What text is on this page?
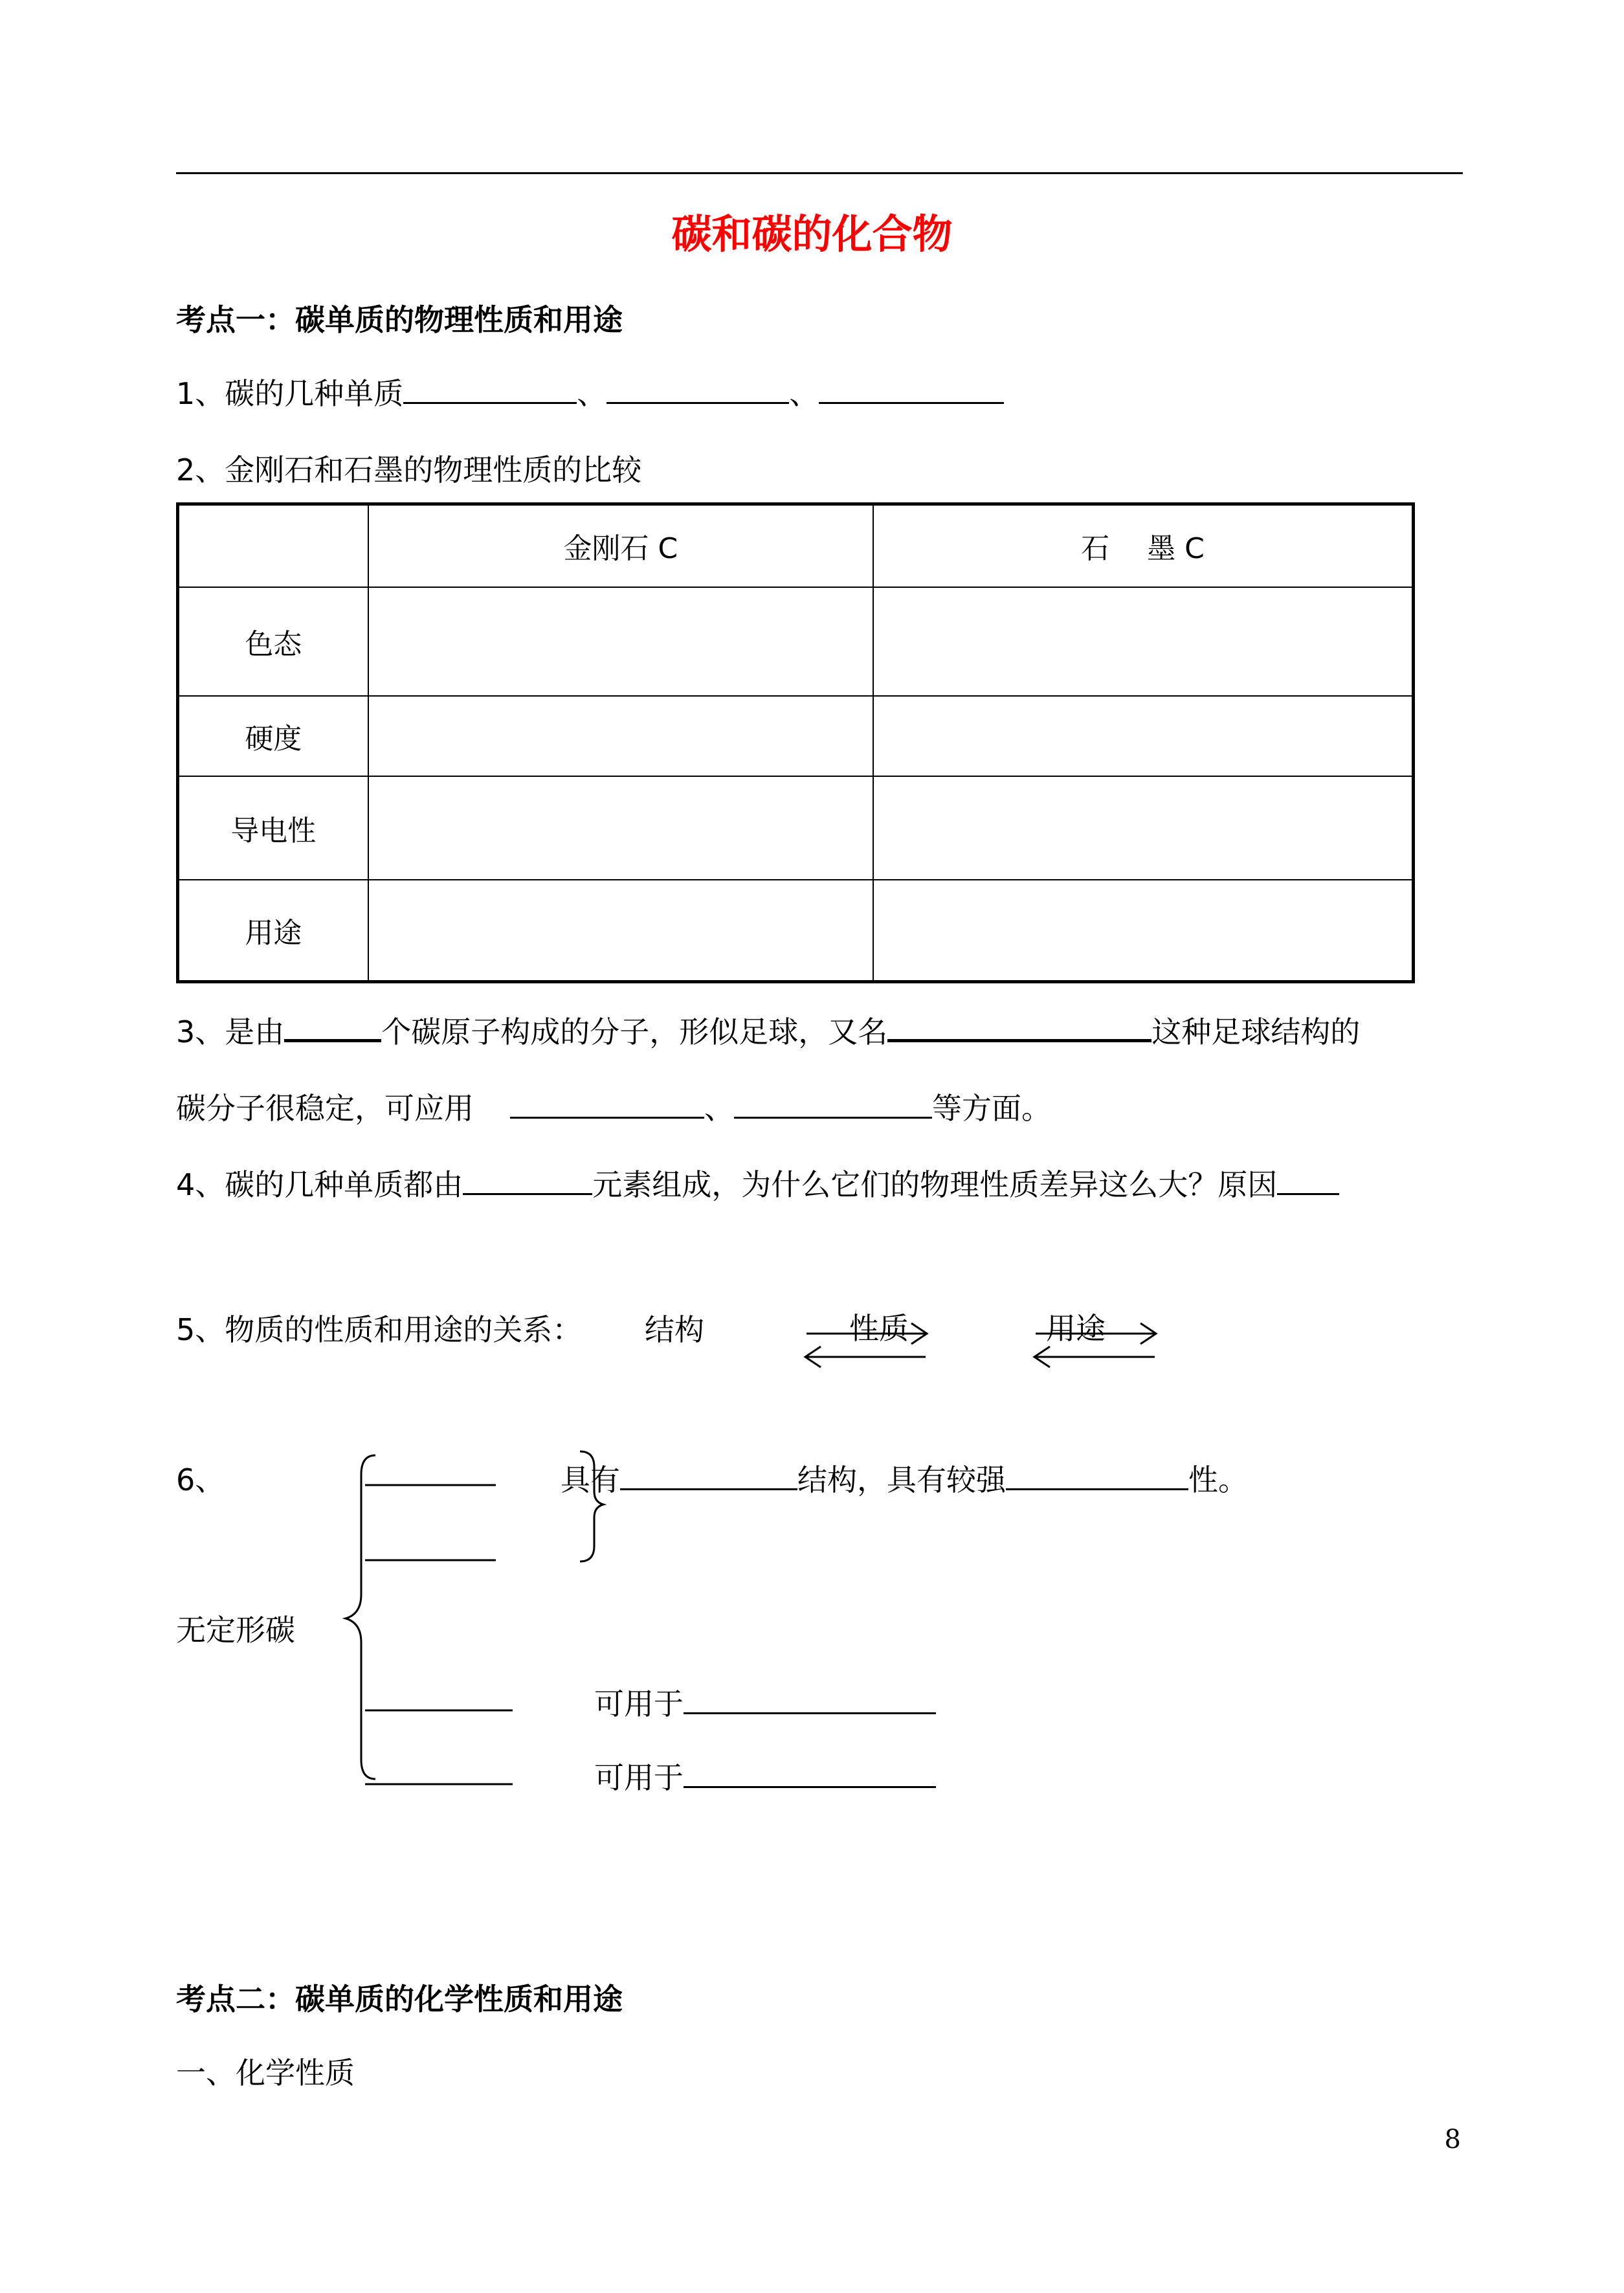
碳和碳的化合物
考点一：碳单质的物理性质和用途
1、碳的几种单质	、	、
2、金刚石和石墨的物理性质的比较
	金刚石 C	石　 墨 C
色态		
硬度		
导电性		
用途		
3、是由	个碳原子构成的分子，形似足球，又名	这种足球结构的
碳分子很稳定，可应用	、	等方面。
4、碳的几种单质都由	元素组成，为什么它们的物理性质差异这么大？原因
5、物质的性质和用途的关系： 结构	性质	用途
6、
无定形碳
具有	结构，具有较强	性。
可用于
可用于
考点二：碳单质的化学性质和用途
一、化学性质
8
